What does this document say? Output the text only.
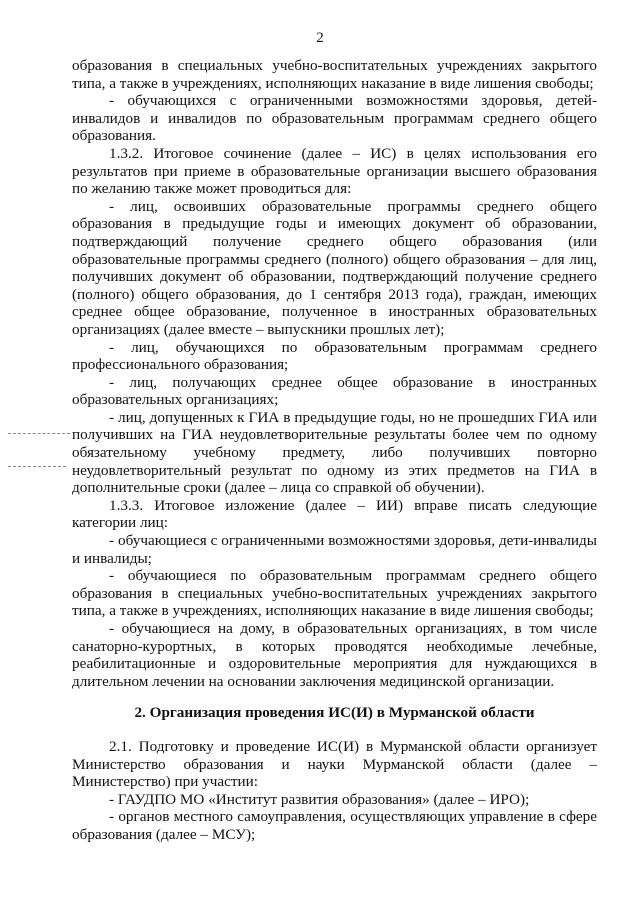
2

образования в специальных учебно-воспитательных учреждениях закрытого типа, а также в учреждениях, исполняющих наказание в виде лишения свободы;

- обучающихся с ограниченными возможностями здоровья, детей-инвалидов и инвалидов по образовательным программам среднего общего образования.

1.3.2. Итоговое сочинение (далее – ИС) в целях использования его результатов при приеме в образовательные организации высшего образования по желанию также может проводиться для:

- лиц, освоивших образовательные программы среднего общего образования в предыдущие годы и имеющих документ об образовании, подтверждающий получение среднего общего образования (или образовательные программы среднего (полного) общего образования – для лиц, получивших документ об образовании, подтверждающий получение среднего (полного) общего образования, до 1 сентября 2013 года), граждан, имеющих среднее общее образование, полученное в иностранных образовательных организациях (далее вместе – выпускники прошлых лет);

- лиц, обучающихся по образовательным программам среднего профессионального образования;

- лиц, получающих среднее общее образование в иностранных образовательных организациях;

- лиц, допущенных к ГИА в предыдущие годы, но не прошедших ГИА или получивших на ГИА неудовлетворительные результаты более чем по одному обязательному учебному предмету, либо получивших повторно неудовлетворительный результат по одному из этих предметов на ГИА в дополнительные сроки (далее – лица со справкой об обучении).

1.3.3. Итоговое изложение (далее – ИИ) вправе писать следующие категории лиц:

- обучающиеся с ограниченными возможностями здоровья, дети-инвалиды и инвалиды;

- обучающиеся по образовательным программам среднего общего образования в специальных учебно-воспитательных учреждениях закрытого типа, а также в учреждениях, исполняющих наказание в виде лишения свободы;

- обучающиеся на дому, в образовательных организациях, в том числе санаторно-курортных, в которых проводятся необходимые лечебные, реабилитационные и оздоровительные мероприятия для нуждающихся в длительном лечении на основании заключения медицинской организации.

2. Организация проведения ИС(И) в Мурманской области

2.1. Подготовку и проведение ИС(И) в Мурманской области организует Министерство образования и науки Мурманской области (далее – Министерство) при участии:

- ГАУДПО МО «Институт развития образования» (далее – ИРО);

- органов местного самоуправления, осуществляющих управление в сфере образования (далее – МСУ);
